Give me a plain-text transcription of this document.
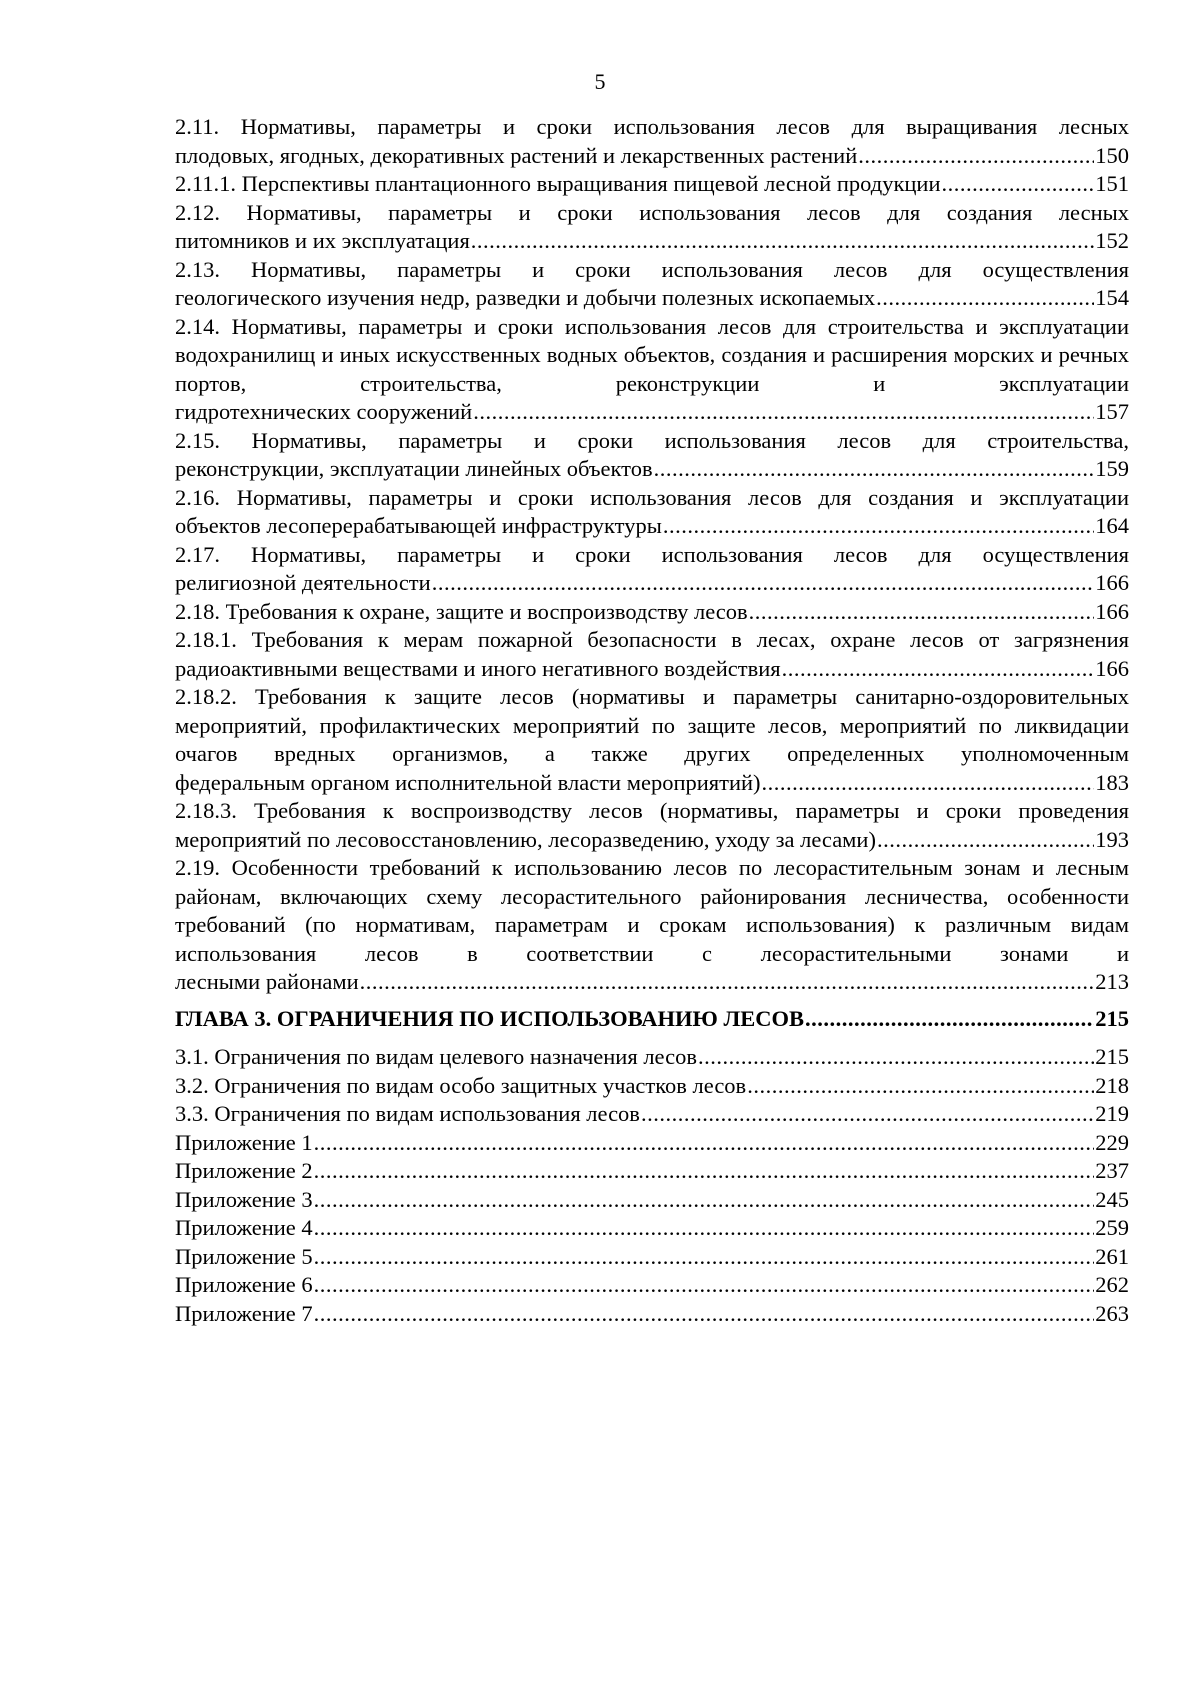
5
2.11. Нормативы, параметры и сроки использования лесов для выращивания лесных
плодовых, ягодных, декоративных растений и лекарственных растений .....	150
2.11.1. Перспективы плантационного выращивания пищевой лесной продукции .....	151
2.12. Нормативы, параметры и сроки использования лесов для создания лесных
питомников и их эксплуатация .....	152
2.13. Нормативы, параметры и сроки использования лесов для осуществления
геологического изучения недр, разведки и добычи полезных ископаемых .....	154
2.14. Нормативы, параметры и сроки использования лесов для строительства и эксплуатации водохранилищ и иных искусственных водных объектов, создания и расширения морских и речных портов, строительства, реконструкции и эксплуатации
гидротехнических сооружений .....	157
2.15. Нормативы, параметры и сроки использования лесов для строительства,
реконструкции, эксплуатации линейных объектов .....	159
2.16. Нормативы, параметры и сроки использования лесов для создания и эксплуатации
объектов лесоперерабатывающей инфраструктуры .....	164
2.17. Нормативы, параметры и сроки использования лесов для осуществления
религиозной деятельности .....	166
2.18. Требования к охране, защите и воспроизводству лесов .....	166
2.18.1. Требования к мерам пожарной безопасности в лесах, охране лесов от загрязнения
радиоактивными веществами и иного негативного воздействия .....	166
2.18.2. Требования к защите лесов (нормативы и параметры санитарно-оздоровительных мероприятий, профилактических мероприятий по защите лесов, мероприятий по ликвидации очагов вредных организмов, а также других определенных уполномоченным
федеральным органом исполнительной власти мероприятий) .....	183
2.18.3. Требования к воспроизводству лесов (нормативы, параметры и сроки проведения
мероприятий по лесовосстановлению, лесоразведению, уходу за лесами) .....	193
2.19. Особенности требований к использованию лесов по лесорастительным зонам и лесным районам, включающих схему лесорастительного районирования лесничества, особенности требований (по нормативам, параметрам и срокам использования) к различным видам использования лесов в соответствии с лесорастительными зонами и
лесными районами .....	213
ГЛАВА 3. ОГРАНИЧЕНИЯ ПО ИСПОЛЬЗОВАНИЮ ЛЕСОВ .....	215
3.1. Ограничения по видам целевого назначения лесов .....	215
3.2. Ограничения по видам особо защитных участков лесов .....	218
3.3. Ограничения по видам использования лесов .....	219
Приложение 1 .....	229
Приложение 2 .....	237
Приложение 3 .....	245
Приложение 4 .....	259
Приложение 5 .....	261
Приложение 6 .....	262
Приложение 7 .....	263
